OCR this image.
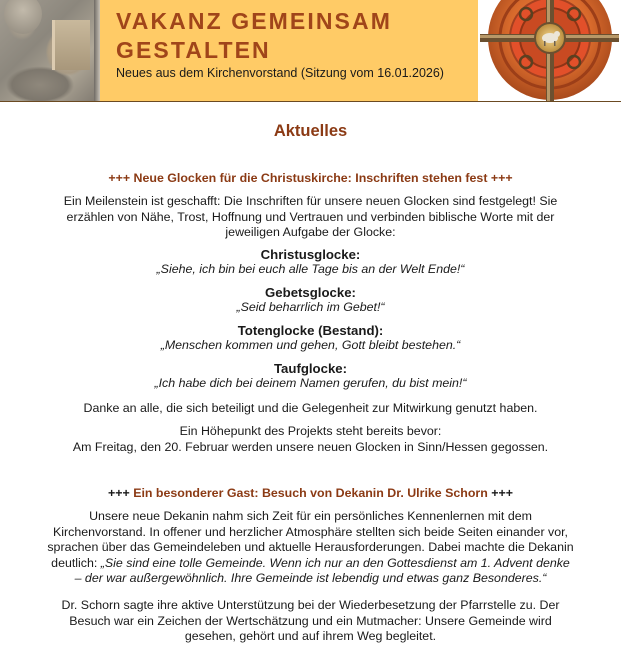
VAKANZ GEMEINSAM
GESTALTEN
Neues aus dem Kirchenvorstand (Sitzung vom 16.01.2026)
Aktuelles
+++ Neue Glocken für die Christuskirche: Inschriften stehen fest +++
Ein Meilenstein ist geschafft: Die Inschriften für unsere neuen Glocken sind festgelegt! Sie
erzählen von Nähe, Trost, Hoffnung und Vertrauen und verbinden biblische Worte mit der
jeweiligen Aufgabe der Glocke:
Christusglocke:
„Siehe, ich bin bei euch alle Tage bis an der Welt Ende!“
Gebetsglocke:
„Seid beharrlich im Gebet!“
Totenglocke (Bestand):
„Menschen kommen und gehen, Gott bleibt bestehen.“
Taufglocke:
„Ich habe dich bei deinem Namen gerufen, du bist mein!“
Danke an alle, die sich beteiligt und die Gelegenheit zur Mitwirkung genutzt haben.
Ein Höhepunkt des Projekts steht bereits bevor:
Am Freitag, den 20. Februar werden unsere neuen Glocken in Sinn/Hessen gegossen.
+++ Ein besonderer Gast: Besuch von Dekanin Dr. Ulrike Schorn +++
Unsere neue Dekanin nahm sich Zeit für ein persönliches Kennenlernen mit dem
Kirchenvorstand. In offener und herzlicher Atmosphäre stellten sich beide Seiten einander vor,
sprachen über das Gemeindeleben und aktuelle Herausforderungen. Dabei machte die Dekanin
deutlich: „Sie sind eine tolle Gemeinde. Wenn ich nur an den Gottesdienst am 1. Advent denke
– der war außergewöhnlich. Ihre Gemeinde ist lebendig und etwas ganz Besonderes.“
Dr. Schorn sagte ihre aktive Unterstützung bei der Wiederbesetzung der Pfarrstelle zu. Der
Besuch war ein Zeichen der Wertschätzung und ein Mutmacher: Unsere Gemeinde wird
gesehen, gehört und auf ihrem Weg begleitet.
